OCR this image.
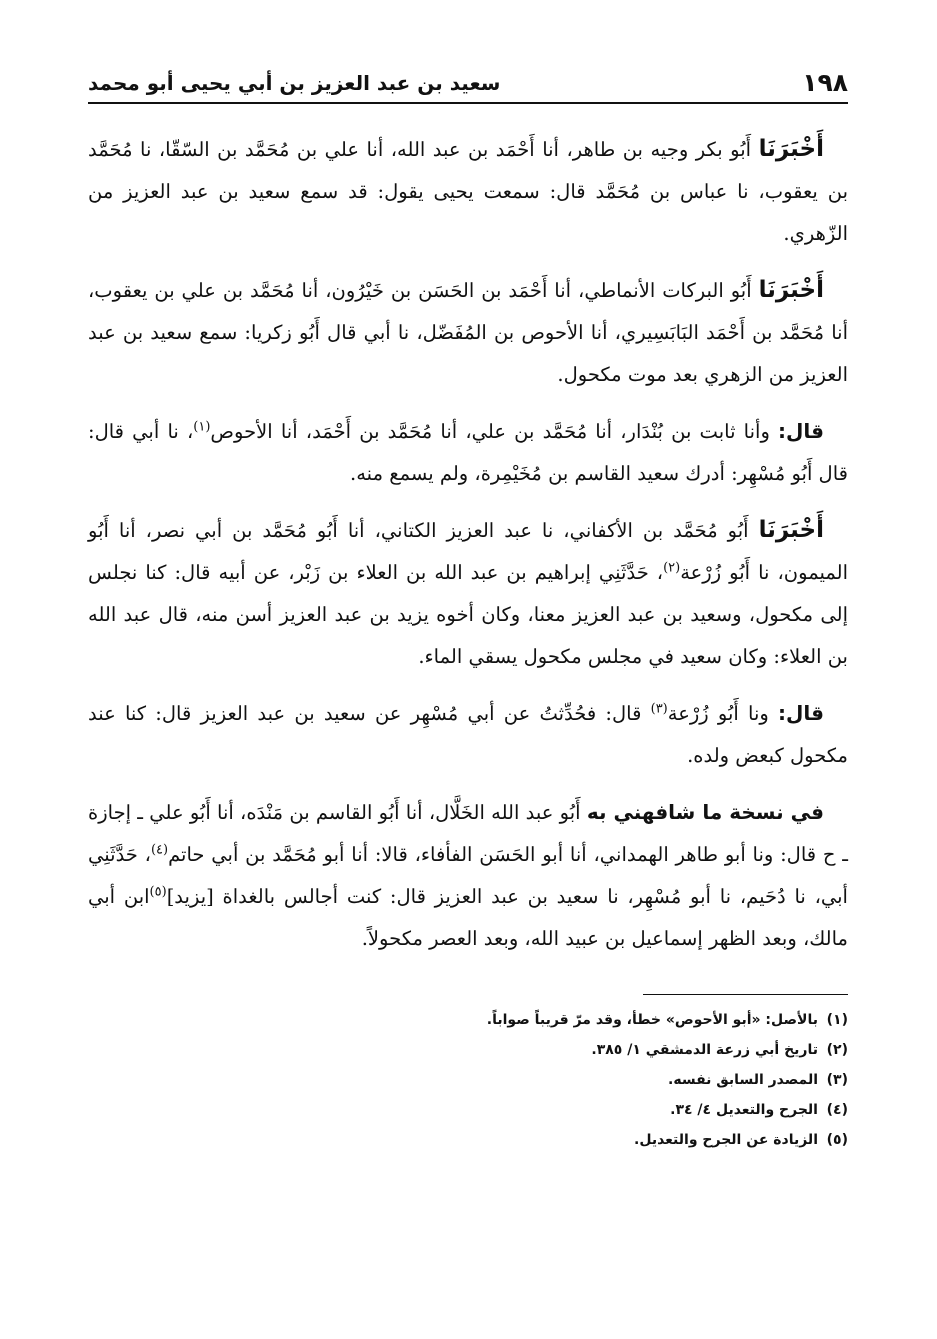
١٩٨
سعيد بن عبد العزيز بن أبي يحيى أبو محمد

أَخْبَرَنَا أَبُو بكر وجيه بن طاهر، أنا أَحْمَد بن عبد الله، أنا علي بن مُحَمَّد بن السّقّا، نا مُحَمَّد بن يعقوب، نا عباس بن مُحَمَّد قال: سمعت يحيى يقول: قد سمع سعيد بن عبد العزيز من الزّهري.

أَخْبَرَنَا أَبُو البركات الأنماطي، أنا أَحْمَد بن الحَسَن بن خَيْرُون، أنا مُحَمَّد بن علي بن يعقوب، أنا مُحَمَّد بن أَحْمَد البَابَسِيري، أنا الأحوص بن المُفَضّل، نا أبي قال أَبُو زكريا: سمع سعيد بن عبد العزيز من الزهري بعد موت مكحول.

قال: وأنا ثابت بن بُنْدَار، أنا مُحَمَّد بن علي، أنا مُحَمَّد بن أَحْمَد، أنا الأحوص$^{(١)}$، نا أبي قال: قال أَبُو مُسْهِر: أدرك سعيد القاسم بن مُخَيْمِرة، ولم يسمع منه.

أَخْبَرَنَا أَبُو مُحَمَّد بن الأكفاني، نا عبد العزيز الكتاني، أنا أَبُو مُحَمَّد بن أبي نصر، أنا أَبُو الميمون، نا أَبُو زُرْعة$^{(٢)}$، حَدَّثَنِي إبراهيم بن عبد الله بن العلاء بن زَبْر، عن أبيه قال: كنا نجلس إلى مكحول، وسعيد بن عبد العزيز معنا، وكان أخوه يزيد بن عبد العزيز أسن منه، قال عبد الله بن العلاء: وكان سعيد في مجلس مكحول يسقي الماء.

قال: ونا أَبُو زُرْعة$^{(٣)}$ قال: فحُدِّثتُ عن أبي مُسْهِر عن سعيد بن عبد العزيز قال: كنا عند مكحول كبعض ولده.

في نسخة ما شافهني به أَبُو عبد الله الخَلَّال، أنا أَبُو القاسم بن مَنْدَه، أنا أَبُو علي ـ إجازة ـ ح قال: ونا أبو طاهر الهمداني، أنا أبو الحَسَن الفأفاء، قالا: أنا أبو مُحَمَّد بن أبي حاتم$^{(٤)}$، حَدَّثَنِي أبي، نا دُحَيم، نا أبو مُسْهِر، نا سعيد بن عبد العزيز قال: كنت أجالس بالغداة [يزيد]$^{(٥)}$ابن أبي مالك، وبعد الظهر إسماعيل بن عبيد الله، وبعد العصر مكحولاً.

(١)
بالأصل: «أبو الأحوص» خطأ، وقد مرّ قريباً صواباً.
(٢)
تاريخ أبي زرعة الدمشقي ١/ ٣٨٥.
(٣)
المصدر السابق نفسه.
(٤)
الجرح والتعديل ٤/ ٣٤.
(٥)
الزيادة عن الجرح والتعديل.
